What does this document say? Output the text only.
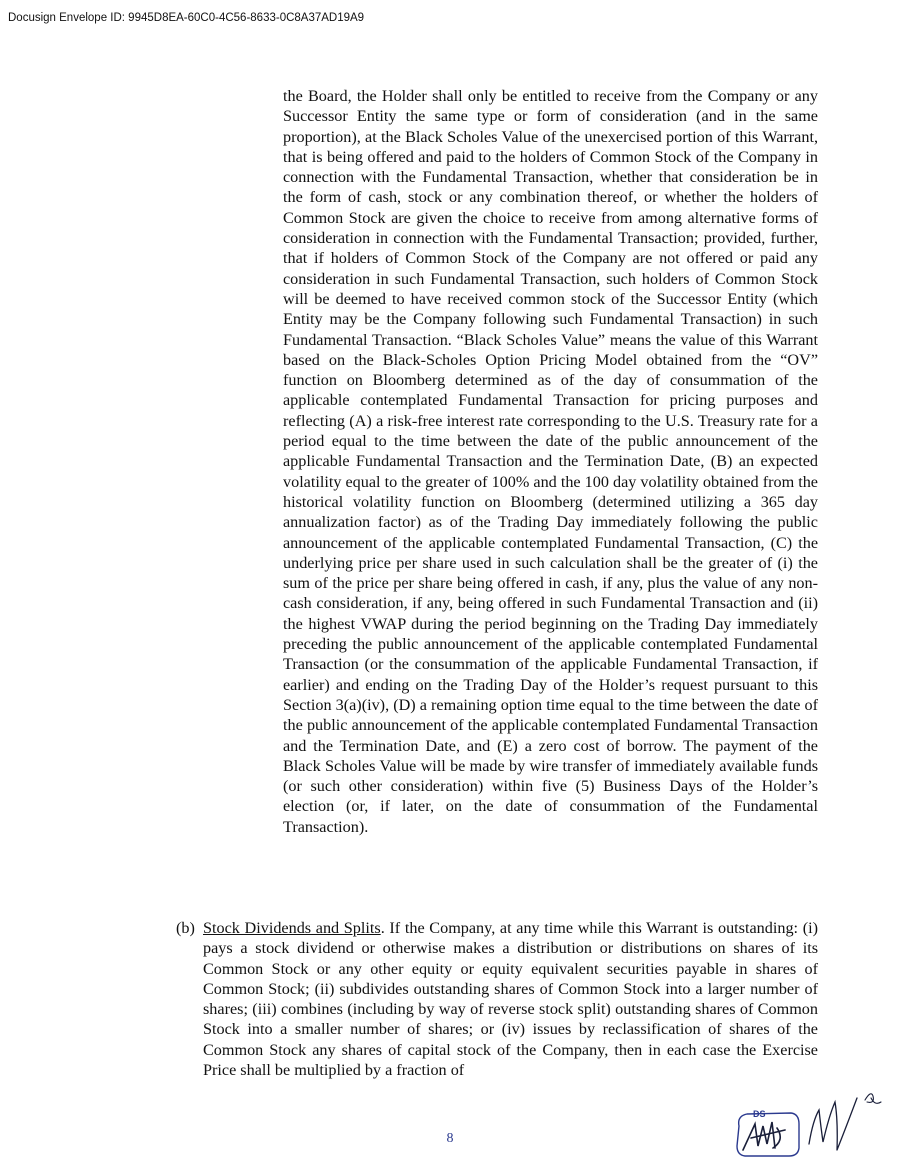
Docusign Envelope ID: 9945D8EA-60C0-4C56-8633-0C8A37AD19A9

the Board, the Holder shall only be entitled to receive from the Company or any Successor Entity the same type or form of consideration (and in the same proportion), at the Black Scholes Value of the unexercised portion of this Warrant, that is being offered and paid to the holders of Common Stock of the Company in connection with the Fundamental Transaction, whether that consideration be in the form of cash, stock or any combination thereof, or whether the holders of Common Stock are given the choice to receive from among alternative forms of consideration in connection with the Fundamental Transaction; provided, further, that if holders of Common Stock of the Company are not offered or paid any consideration in such Fundamental Transaction, such holders of Common Stock will be deemed to have received common stock of the Successor Entity (which Entity may be the Company following such Fundamental Transaction) in such Fundamental Transaction. “Black Scholes Value” means the value of this Warrant based on the Black-Scholes Option Pricing Model obtained from the “OV” function on Bloomberg determined as of the day of consummation of the applicable contemplated Fundamental Transaction for pricing purposes and reflecting (A) a risk-free interest rate corresponding to the U.S. Treasury rate for a period equal to the time between the date of the public announcement of the applicable Fundamental Transaction and the Termination Date, (B) an expected volatility equal to the greater of 100% and the 100 day volatility obtained from the historical volatility function on Bloomberg (determined utilizing a 365 day annualization factor) as of the Trading Day immediately following the public announcement of the applicable contemplated Fundamental Transaction, (C) the underlying price per share used in such calculation shall be the greater of (i) the sum of the price per share being offered in cash, if any, plus the value of any non-cash consideration, if any, being offered in such Fundamental Transaction and (ii) the highest VWAP during the period beginning on the Trading Day immediately preceding the public announcement of the applicable contemplated Fundamental Transaction (or the consummation of the applicable Fundamental Transaction, if earlier) and ending on the Trading Day of the Holder’s request pursuant to this Section 3(a)(iv), (D) a remaining option time equal to the time between the date of the public announcement of the applicable contemplated Fundamental Transaction and the Termination Date, and (E) a zero cost of borrow. The payment of the Black Scholes Value will be made by wire transfer of immediately available funds (or such other consideration) within five (5) Business Days of the Holder’s election (or, if later, on the date of consummation of the Fundamental Transaction).

(b) Stock Dividends and Splits. If the Company, at any time while this Warrant is outstanding: (i) pays a stock dividend or otherwise makes a distribution or distributions on shares of its Common Stock or any other equity or equity equivalent securities payable in shares of Common Stock; (ii) subdivides outstanding shares of Common Stock into a larger number of shares; (iii) combines (including by way of reverse stock split) outstanding shares of Common Stock into a smaller number of shares; or (iv) issues by reclassification of shares of the Common Stock any shares of capital stock of the Company, then in each case the Exercise Price shall be multiplied by a fraction of

8
DS
